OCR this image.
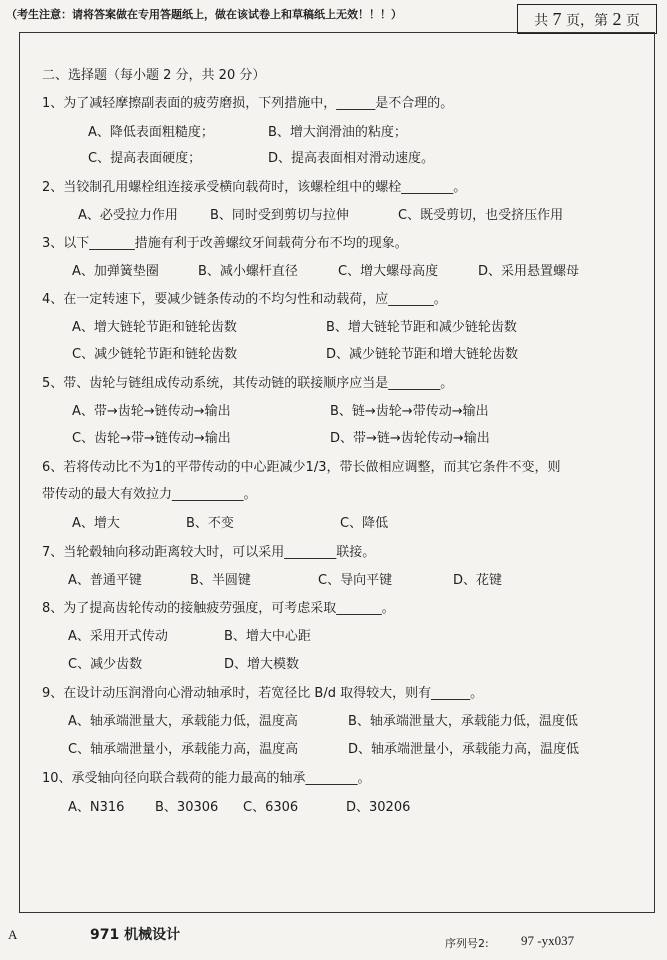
（考生注意：请将答案做在专用答题纸上，做在该试卷上和草稿纸上无效！！！）	共 7 页，第 2 页
二、选择题（每小题 2 分，共 20 分）
1、为了减轻摩擦副表面的疲劳磨损，下列措施中，______是不合理的。
A、降低表面粗糙度；	B、增大润滑油的粘度；
C、提高表面硬度；	D、提高表面相对滑动速度。
2、当铰制孔用螺栓组连接承受横向载荷时，该螺栓组中的螺栓________。
A、必受拉力作用 B、同时受到剪切与拉伸	C、既受剪切，也受挤压作用
3、以下_______措施有利于改善螺纹牙间载荷分布不均的现象。
A、加弹簧垫圈	B、减小螺杆直径	C、增大螺母高度	D、采用悬置螺母
4、在一定转速下，要减少链条传动的不均匀性和动载荷，应_______。
A、增大链轮节距和链轮齿数	B、增大链轮节距和减少链轮齿数
C、减少链轮节距和链轮齿数	D、减少链轮节距和增大链轮齿数
5、带、齿轮与链组成传动系统，其传动链的联接顺序应当是________。
A、带→齿轮→链传动→输出	B、链→齿轮→带传动→输出
C、齿轮→带→链传动→输出	D、带→链→齿轮传动→输出
6、若将传动比不为1的平带传动的中心距减少1/3，带长做相应调整，而其它条件不变，则
带传动的最大有效拉力___________。
A、增大	B、不变	C、降低
7、当轮毂轴向移动距离较大时，可以采用________联接。
A、普通平键	B、半圆键	C、导向平键	D、花键
8、为了提高齿轮传动的接触疲劳强度，可考虑采取_______。
A、采用开式传动	B、增大中心距
C、减少齿数	D、增大模数
9、在设计动压润滑向心滑动轴承时，若宽径比 B/d 取得较大，则有______。
A、轴承端泄量大，承载能力低，温度高	B、轴承端泄量大，承载能力低，温度低
C、轴承端泄量小，承载能力高，温度高	D、轴承端泄量小，承载能力高，温度低
10、承受轴向径向联合载荷的能力最高的轴承________。
A、N316 B、30306 C、6306	D、30206
A	971 机械设计
序列号2: 97 -yx037
